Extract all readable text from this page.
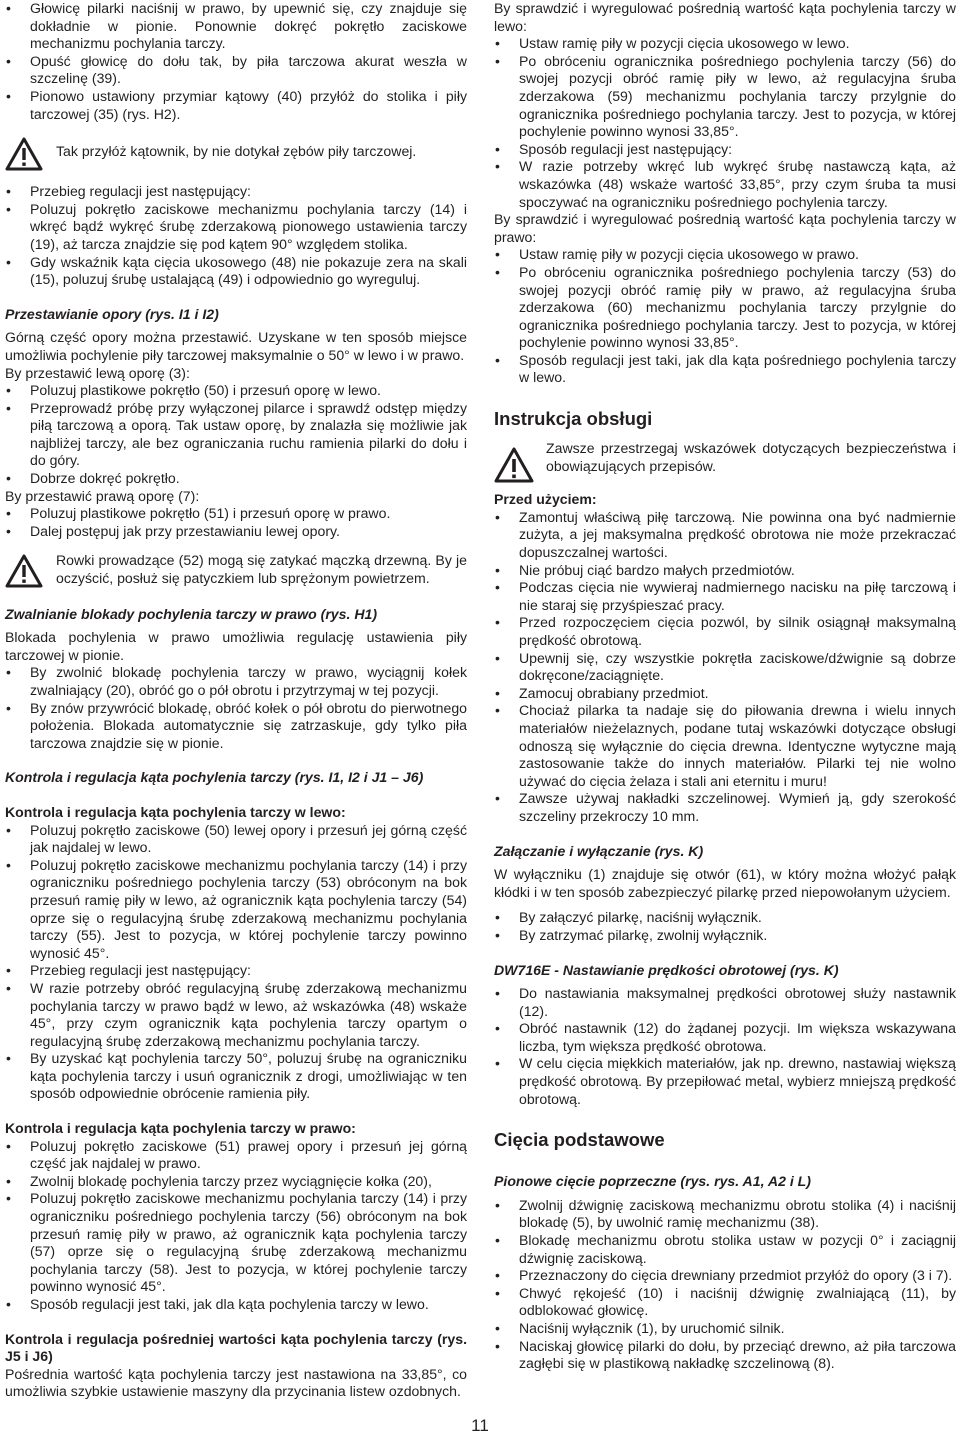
• Głowicę pilarki naciśnij w prawo, by upewnić się, czy znajduje się dokładnie w pionie. Ponownie dokręć pokrętło zaciskowe mechanizmu pochylania tarczy.
• Opuść głowicę do dołu tak, by piła tarczowa akurat weszła w szczelinę (39).
• Pionowo ustawiony przymiar kątowy (40) przyłóż do stolika i piły tarczowej (35) (rys. H2).

Tak przyłóż kątownik, by nie dotykał zębów piły tarczowej.

• Przebieg regulacji jest następujący:
• Poluzuj pokrętło zaciskowe mechanizmu pochylania tarczy (14) i wkręć bądź wykręć śrubę zderzakową pionowego ustawienia tarczy (19), aż tarcza znajdzie się pod kątem 90° względem stolika.
• Gdy wskaźnik kąta cięcia ukosowego (48) nie pokazuje zera na skali (15), poluzuj śrubę ustalającą (49) i odpowiednio go wyreguluj.

Przestawianie opory (rys. I1 i I2)

Górną część opory można przestawić. Uzyskane w ten sposób miejsce umożliwia pochylenie piły tarczowej maksymalnie o 50° w lewo i w prawo.

By przestawić lewą oporę (3):

• Poluzuj plastikowe pokrętło (50) i przesuń oporę w lewo.
• Przeprowadź próbę przy wyłączonej pilarce i sprawdź odstęp między piłą tarczową a oporą. Tak ustaw oporę, by znalazła się możliwie jak najbliżej tarczy, ale bez ograniczania ruchu ramienia pilarki do dołu i do góry.
• Dobrze dokręć pokrętło.

By przestawić prawą oporę (7):

• Poluzuj plastikowe pokrętło (51) i przesuń oporę w prawo.
• Dalej postępuj jak przy przestawianiu lewej opory.

Rowki prowadzące (52) mogą się zatykać mączką drzewną. By je oczyścić, posłuż się patyczkiem lub sprężonym powietrzem.

Zwalnianie blokady pochylenia tarczy w prawo (rys. H1)

Blokada pochylenia w prawo umożliwia regulację ustawienia piły tarczowej w pionie.

• By zwolnić blokadę pochylenia tarczy w prawo, wyciągnij kołek zwalniający (20), obróć go o pół obrotu i przytrzymaj w tej pozycji.
• By znów przywrócić blokadę, obróć kołek o pół obrotu do pierwotnego położenia. Blokada automatycznie się zatrzaskuje, gdy tylko piła tarczowa znajdzie się w pionie.

Kontrola i regulacja kąta pochylenia tarczy (rys. I1, I2 i J1 – J6)

Kontrola i regulacja kąta pochylenia tarczy w lewo:

• Poluzuj pokrętło zaciskowe (50) lewej opory i przesuń jej górną część jak najdalej w lewo.
• Poluzuj pokrętło zaciskowe mechanizmu pochylania tarczy (14) i przy ograniczniku pośredniego pochylenia tarczy (53) obróconym na bok przesuń ramię piły w lewo, aż ogranicznik kąta pochylenia tarczy (54) oprze się o regulacyjną śrubę zderzakową mechanizmu pochylania tarczy (55). Jest to pozycja, w której pochylenie tarczy powinno wynosić 45°.
• Przebieg regulacji jest następujący:
• W razie potrzeby obróć regulacyjną śrubę zderzakową mechanizmu pochylania tarczy w prawo bądź w lewo, aż wskazówka (48) wskaże 45°, przy czym ogranicznik kąta pochylenia tarczy opartym o regulacyjną śrubę zderzakową mechanizmu pochylania tarczy.
• By uzyskać kąt pochylenia tarczy 50°, poluzuj śrubę na ograniczniku kąta pochylenia tarczy i usuń ogranicznik z drogi, umożliwiając w ten sposób odpowiednie obrócenie ramienia piły.

Kontrola i regulacja kąta pochylenia tarczy w prawo:

• Poluzuj pokrętło zaciskowe (51) prawej opory i przesuń jej górną część jak najdalej w prawo.
• Zwolnij blokadę pochylenia tarczy przez wyciągnięcie kołka (20),
• Poluzuj pokrętło zaciskowe mechanizmu pochylania tarczy (14) i przy ograniczniku pośredniego pochylenia tarczy (56) obróconym na bok przesuń ramię piły w prawo, aż ogranicznik kąta pochylenia tarczy (57) oprze się o regulacyjną śrubę zderzakową mechanizmu pochylania tarczy (58). Jest to pozycja, w której pochylenie tarczy powinno wynosić 45°.
• Sposób regulacji jest taki, jak dla kąta pochylenia tarczy w lewo.

Kontrola i regulacja pośredniej wartości kąta pochylenia tarczy (rys. J5 i J6)

Pośrednia wartość kąta pochylenia tarczy jest nastawiona na 33,85°, co umożliwia szybkie ustawienie maszyny dla przycinania listew ozdobnych.

By sprawdzić i wyregulować pośrednią wartość kąta pochylenia tarczy w lewo:

• Ustaw ramię piły w pozycji cięcia ukosowego w lewo.
• Po obróceniu ogranicznika pośredniego pochylenia tarczy (56) do swojej pozycji obróć ramię piły w lewo, aż regulacyjna śruba zderzakowa (59) mechanizmu pochylania tarczy przylgnie do ogranicznika pośredniego pochylania tarczy. Jest to pozycja, w której pochylenie powinno wynosi 33,85°.
• Sposób regulacji jest następujący:
• W razie potrzeby wkręć lub wykręć śrubę nastawczą kąta, aż wskazówka (48) wskaże wartość 33,85°, przy czym śruba ta musi spoczywać na ograniczniku pośredniego pochylenia tarczy.

By sprawdzić i wyregulować pośrednią wartość kąta pochylenia tarczy w prawo:

• Ustaw ramię piły w pozycji cięcia ukosowego w prawo.
• Po obróceniu ogranicznika pośredniego pochylenia tarczy (53) do swojej pozycji obróć ramię piły w prawo, aż regulacyjna śruba zderzakowa (60) mechanizmu pochylania tarczy przylgnie do ogranicznika pośredniego pochylania tarczy. Jest to pozycja, w której pochylenie powinno wynosi 33,85°.
• Sposób regulacji jest taki, jak dla kąta pośredniego pochylenia tarczy w lewo.

Instrukcja obsługi

Zawsze przestrzegaj wskazówek dotyczących bezpieczeństwa i obowiązujących przepisów.

Przed użyciem:

• Zamontuj właściwą piłę tarczową. Nie powinna ona być nadmiernie zużyta, a jej maksymalna prędkość obrotowa nie może przekraczać dopuszczalnej wartości.
• Nie próbuj ciąć bardzo małych przedmiotów.
• Podczas cięcia nie wywieraj nadmiernego nacisku na piłę tarczową i nie staraj się przyśpieszać pracy.
• Przed rozpoczęciem cięcia pozwól, by silnik osiągnął maksymalną prędkość obrotową.
• Upewnij się, czy wszystkie pokrętła zaciskowe/dźwignie są dobrze dokręcone/zaciągnięte.
• Zamocuj obrabiany przedmiot.
• Chociaż pilarka ta nadaje się do piłowania drewna i wielu innych materiałów nieżelaznych, podane tutaj wskazówki dotyczące obsługi odnoszą się wyłącznie do cięcia drewna. Identyczne wytyczne mają zastosowanie także do innych materiałów. Pilarki tej nie wolno używać do cięcia żelaza i stali ani eternitu i muru!
• Zawsze używaj nakładki szczelinowej. Wymień ją, gdy szerokość szczeliny przekroczy 10 mm.

Załączanie i wyłączanie (rys. K)

W wyłączniku (1) znajduje się otwór (61), w który można włożyć pałąk kłódki i w ten sposób zabezpieczyć pilarkę przed niepowołanym użyciem.

• By załączyć pilarkę, naciśnij wyłącznik.
• By zatrzymać pilarkę, zwolnij wyłącznik.

DW716E - Nastawianie prędkości obrotowej (rys. K)

• Do nastawiania maksymalnej prędkości obrotowej służy nastawnik (12).
• Obróć nastawnik (12) do żądanej pozycji. Im większa wskazywana liczba, tym większa prędkość obrotowa.
• W celu cięcia miękkich materiałów, jak np. drewno, nastawiaj większą prędkość obrotową. By przepiłować metal, wybierz mniejszą prędkość obrotową.

Cięcia podstawowe

Pionowe cięcie poprzeczne (rys. rys. A1, A2 i L)

• Zwolnij dźwignię zaciskową mechanizmu obrotu stolika (4) i naciśnij blokadę (5), by uwolnić ramię mechanizmu (38).
• Blokadę mechanizmu obrotu stolika ustaw w pozycji 0° i zaciągnij dźwignię zaciskową.
• Przeznaczony do cięcia drewniany przedmiot przyłóż do opory (3 i 7).
• Chwyć rękojeść (10) i naciśnij dźwignię zwalniającą (11), by odblokować głowicę.
• Naciśnij wyłącznik (1), by uruchomić silnik.
• Naciskaj głowicę pilarki do dołu, by przeciąć drewno, aż piła tarczowa zagłębi się w plastikową nakładkę szczelinową (8).
11
